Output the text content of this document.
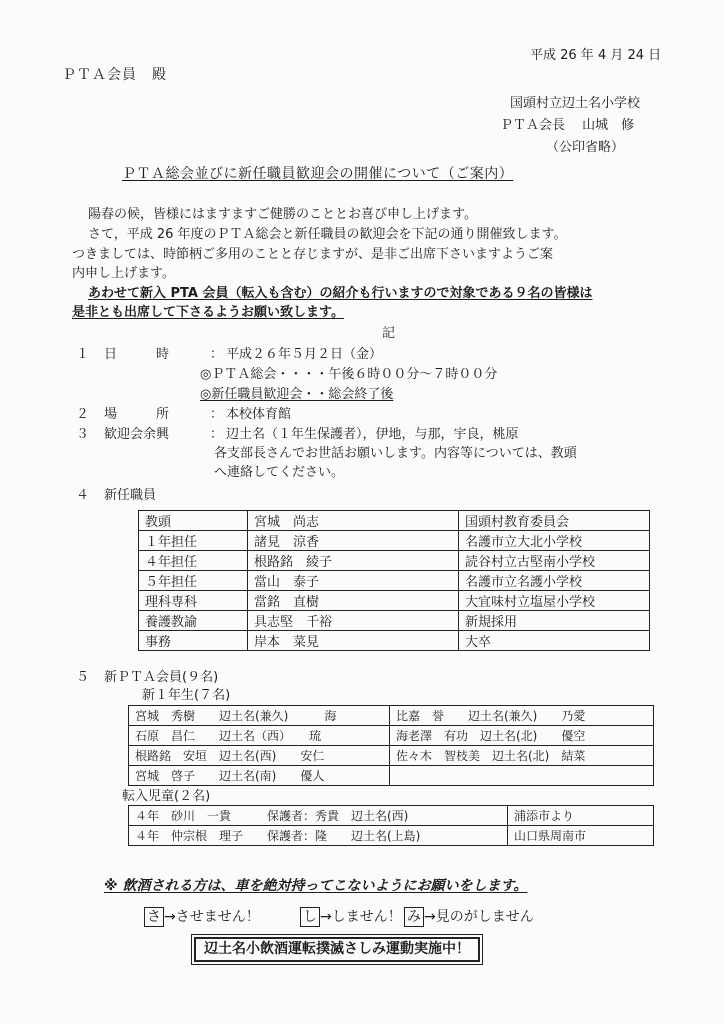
平成 26 年 4 月 24 日
ＰＴＡ会員　殿
国頭村立辺土名小学校
ＰＴＡ会長　 山城　修
（公印省略）
ＰＴＡ総会並びに新任職員歓迎会の開催について（ご案内）
陽春の候，皆様にはますますご健勝のこととお喜び申し上げます。
さて，平成 26 年度のＰＴＡ総会と新任職員の歓迎会を下記の通り開催致します。
つきましては、時節柄ご多用のことと存じますが、是非ご出席下さいますようご案
内申し上げます。
あわせて新入 PTA 会員（転入も含む）の紹介も行いますので対象である９名の皆様は
是非とも出席して下さるようお願い致します。
記
１ 日　　　時	： 平成２６年５月２日（金）
◎ＰＴＡ総会・・・・午後６時００分～７時００分
◎新任職員歓迎会・・総会終了後
２ 場　　　所	： 本校体育館
３ 歓迎会余興	： 辺土名（１年生保護者），伊地，与那，宇良，桃原
各支部長さんでお世話お願いします。内容等については、教頭
へ連絡してください。
４ 新任職員
教頭	宮城　尚志	国頭村教育委員会
１年担任	諸見　涼香	名護市立大北小学校
４年担任	根路銘　綾子	読谷村立古堅南小学校
５年担任	當山　泰子	名護市立名護小学校
理科専科	當銘　直樹	大宜味村立塩屋小学校
養護教諭	具志堅　千裕	新規採用
事務	岸本　菜見	大卒
５ 新ＰＴＡ会員(９名)
新１年生(７名)
宮城　秀樹　　辺土名(兼久)　　　海	比嘉　誉　　辺土名(兼久)　　乃愛
石原　昌仁　　辺土名（西）　　琉	海老澤　有功　辺土名(北)　　優空
根路銘　安垣　辺土名(西)　　安仁	佐々木　智枝美　辺土名(北)　結菜
宮城　啓子　　辺土名(南)　　優人	
転入児童(２名)
４年　砂川　一貴　　　保護者：秀貴　辺土名(西)	浦添市より
４年　仲宗根　理子　　保護者：隆　　辺土名(上島)	山口県周南市
※ 飲酒される方は、車を絶対持ってこないようにお願いをします。
さ →させません！	し →しません！ み →見のがしません
辺土名小飲酒運転撲滅さしみ運動実施中！
